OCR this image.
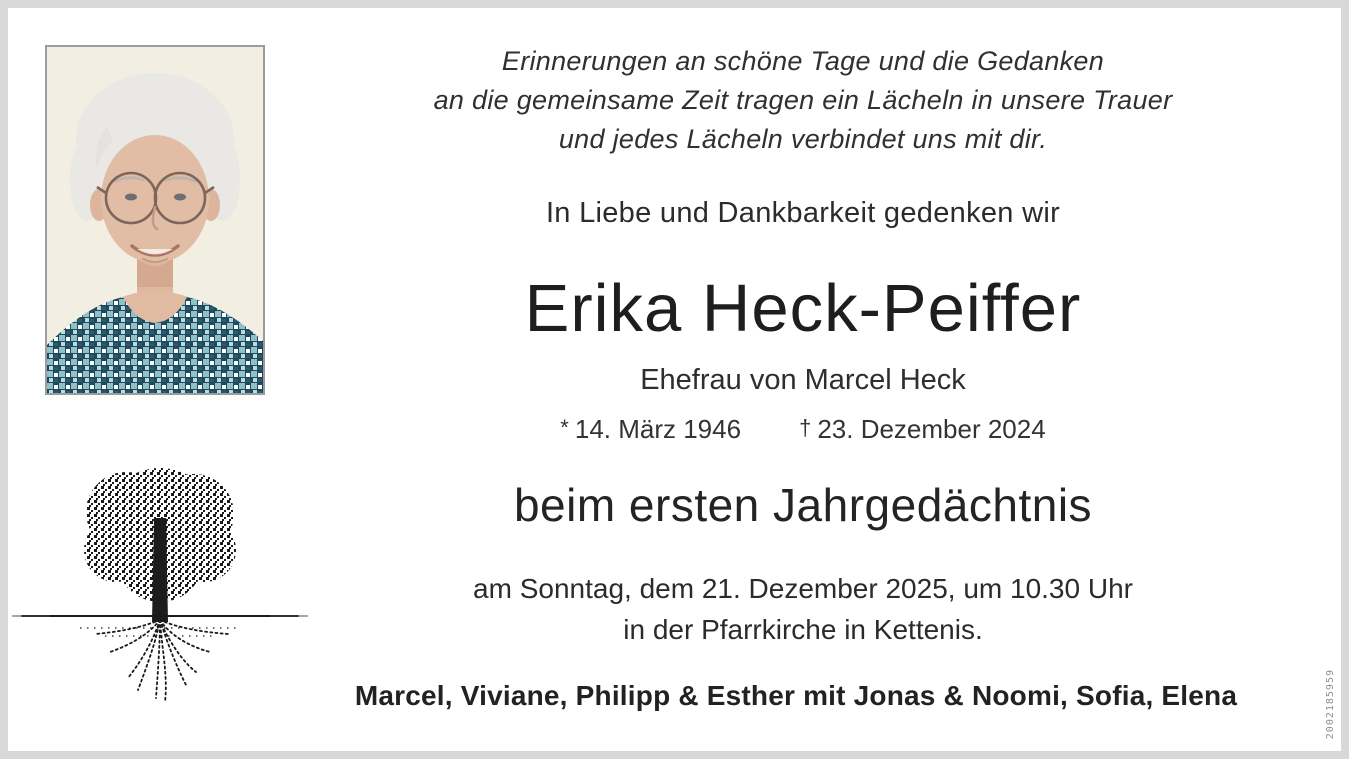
Erinnerungen an schöne Tage und die Gedanken
an die gemeinsame Zeit tragen ein Lächeln in unsere Trauer
und jedes Lächeln verbindet uns mit dir.
In Liebe und Dankbarkeit gedenken wir
Erika Heck-Peiffer
Ehefrau von Marcel Heck
* 14. März 1946	† 23. Dezember 2024
beim ersten Jahrgedächtnis
am Sonntag, dem 21. Dezember 2025, um 10.30 Uhr
in der Pfarrkirche in Kettenis.
Marcel, Viviane, Philipp & Esther mit Jonas & Noomi, Sofia, Elena	2002185959
